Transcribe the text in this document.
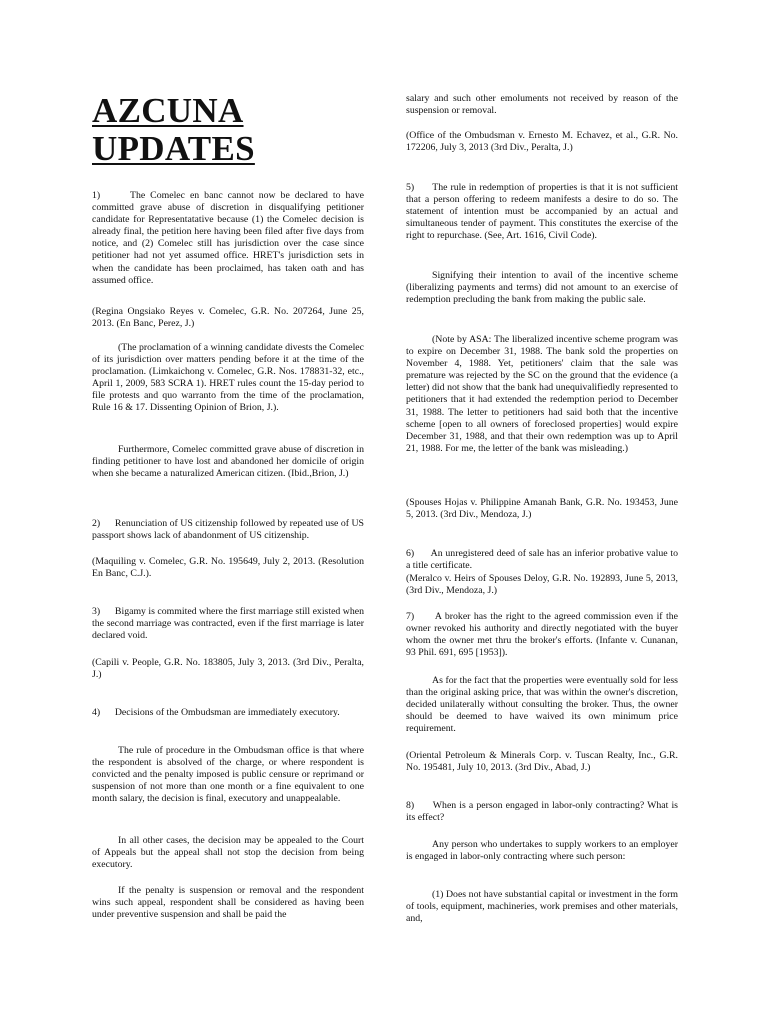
AZCUNA
UPDATES

1)      The Comelec en banc cannot now be declared to have committed grave abuse of discretion in disqualifying petitioner candidate for Representatative because (1) the Comelec decision is already final, the petition here having been filed after five days from notice, and (2) Comelec still has jurisdiction over the case since petitioner had not yet assumed office. HRET's jurisdiction sets in when the candidate has been proclaimed, has taken oath and has assumed office.

(Regina Ongsiako Reyes v. Comelec, G.R. No. 207264, June 25, 2013. (En Banc, Perez, J.)

(The proclamation of a winning candidate divests the Comelec of its jurisdiction over matters pending before it at the time of the proclamation. (Limkaichong v. Comelec, G.R. Nos. 178831-32, etc., April 1, 2009, 583 SCRA 1). HRET rules count the 15-day period to file protests and quo warranto from the time of the proclamation, Rule 16 & 17. Dissenting Opinion of Brion, J.).

Furthermore, Comelec committed grave abuse of discretion in finding petitioner to have lost and abandoned her domicile of origin when she became a naturalized American citizen. (Ibid.,Brion, J.)

2)      Renunciation of US citizenship followed by repeated use of US passport shows lack of abandonment of US citizenship.

(Maquiling v. Comelec, G.R. No. 195649, July 2, 2013. (Resolution En Banc, C.J.).

3)      Bigamy is commited where the first marriage still existed when the second marriage was contracted, even if the first marriage is later declared void.

(Capili v. People, G.R. No. 183805, July 3, 2013. (3rd Div., Peralta, J.)

4)      Decisions of the Ombudsman are immediately executory.

The rule of procedure in the Ombudsman office is that where the respondent is absolved of the charge, or where respondent is convicted and the penalty imposed is public censure or reprimand or suspension of not more than one month or a fine equivalent to one month salary, the decision is final, executory and unappealable.

In all other cases, the decision may be appealed to the Court of Appeals but the appeal shall not stop the decision from being executory.

If the penalty is suspension or removal and the respondent wins such appeal, respondent shall be considered as having been under preventive suspension and shall be paid the

salary and such other emoluments not received by reason of the suspension or removal.

(Office of the Ombudsman v. Ernesto M. Echavez, et al., G.R. No. 172206, July 3, 2013 (3rd Div., Peralta, J.)

5)      The rule in redemption of properties is that it is not sufficient that a person offering to redeem manifests a desire to do so. The statement of intention must be accompanied by an actual and simultaneous tender of payment. This constitutes the exercise of the right to repurchase. (See, Art. 1616, Civil Code).

Signifying their intention to avail of the incentive scheme (liberalizing payments and terms) did not amount to an exercise of redemption precluding the bank from making the public sale.

(Note by ASA: The liberalized incentive scheme program was to expire on December 31, 1988. The bank sold the properties on November 4, 1988. Yet, petitioners' claim that the sale was premature was rejected by the SC on the ground that the evidence (a letter) did not show that the bank had unequivalifiedly represented to petitioners that it had extended the redemption period to December 31, 1988. The letter to petitioners had said both that the incentive scheme [open to all owners of foreclosed properties] would expire December 31, 1988, and that their own redemption was up to April 21, 1988. For me, the letter of the bank was misleading.)

(Spouses Hojas v. Philippine Amanah Bank, G.R. No. 193453, June 5, 2013. (3rd Div., Mendoza, J.)

6)      An unregistered deed of sale has an inferior probative value to a title certificate.

(Meralco v. Heirs of Spouses Deloy, G.R. No. 192893, June 5, 2013, (3rd Div., Mendoza, J.)

7)      A broker has the right to the agreed commission even if the owner revoked his authority and directly negotiated with the buyer whom the owner met thru the broker's efforts. (Infante v. Cunanan, 93 Phil. 691, 695 [1953]).

As for the fact that the properties were eventually sold for less than the original asking price, that was within the owner's discretion, decided unilaterally without consulting the broker. Thus, the owner should be deemed to have waived its own minimum price requirement.

(Oriental Petroleum & Minerals Corp. v. Tuscan Realty, Inc., G.R. No. 195481, July 10, 2013. (3rd Div., Abad, J.)

8)      When is a person engaged in labor-only contracting? What is its effect?

Any person who undertakes to supply workers to an employer is engaged in labor-only contracting where such person:

(1) Does not have substantial capital or investment in the form of tools, equipment, machineries, work premises and other materials, and,
